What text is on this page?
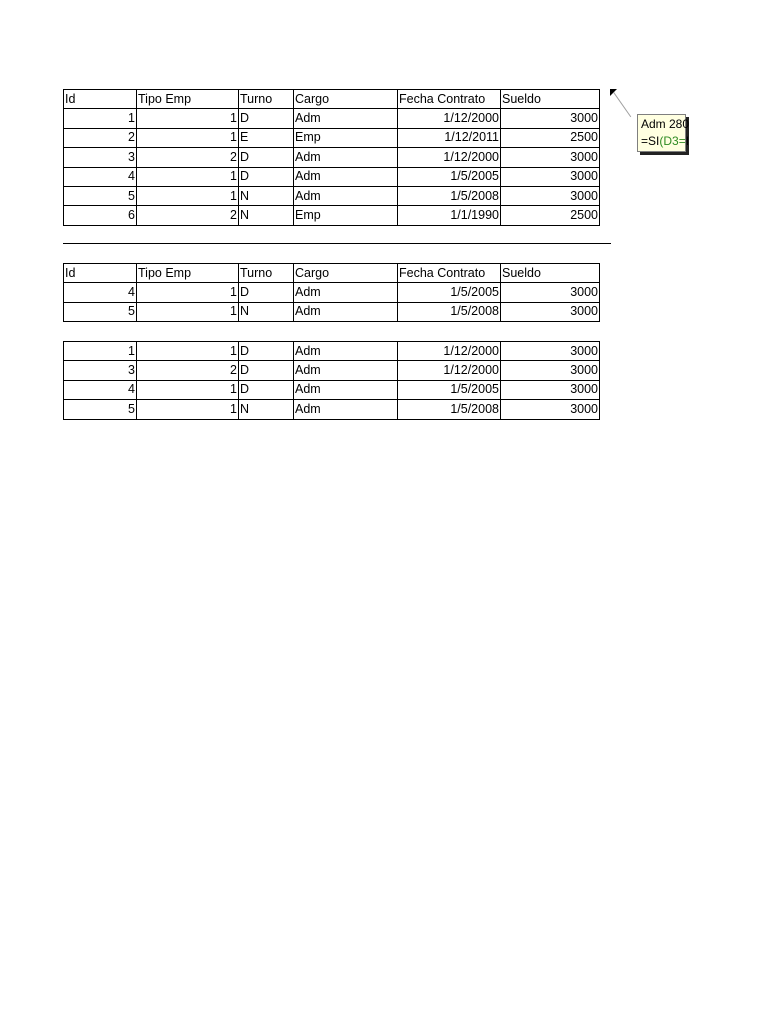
Id	Tipo Emp	Turno	Cargo	Fecha Contrato	Sueldo
1	1	D	Adm	1/12/2000	3000
2	1	E	Emp	1/12/2011	2500
3	2	D	Adm	1/12/2000	3000
4	1	D	Adm	1/5/2005	3000
5	1	N	Adm	1/5/2008	3000
6	2	N	Emp	1/1/1990	2500
Adm 280
=SI(D3=I
Id	Tipo Emp	Turno	Cargo	Fecha Contrato	Sueldo
4	1	D	Adm	1/5/2005	3000
5	1	N	Adm	1/5/2008	3000
1	1	D	Adm	1/12/2000	3000
3	2	D	Adm	1/12/2000	3000
4	1	D	Adm	1/5/2005	3000
5	1	N	Adm	1/5/2008	3000
